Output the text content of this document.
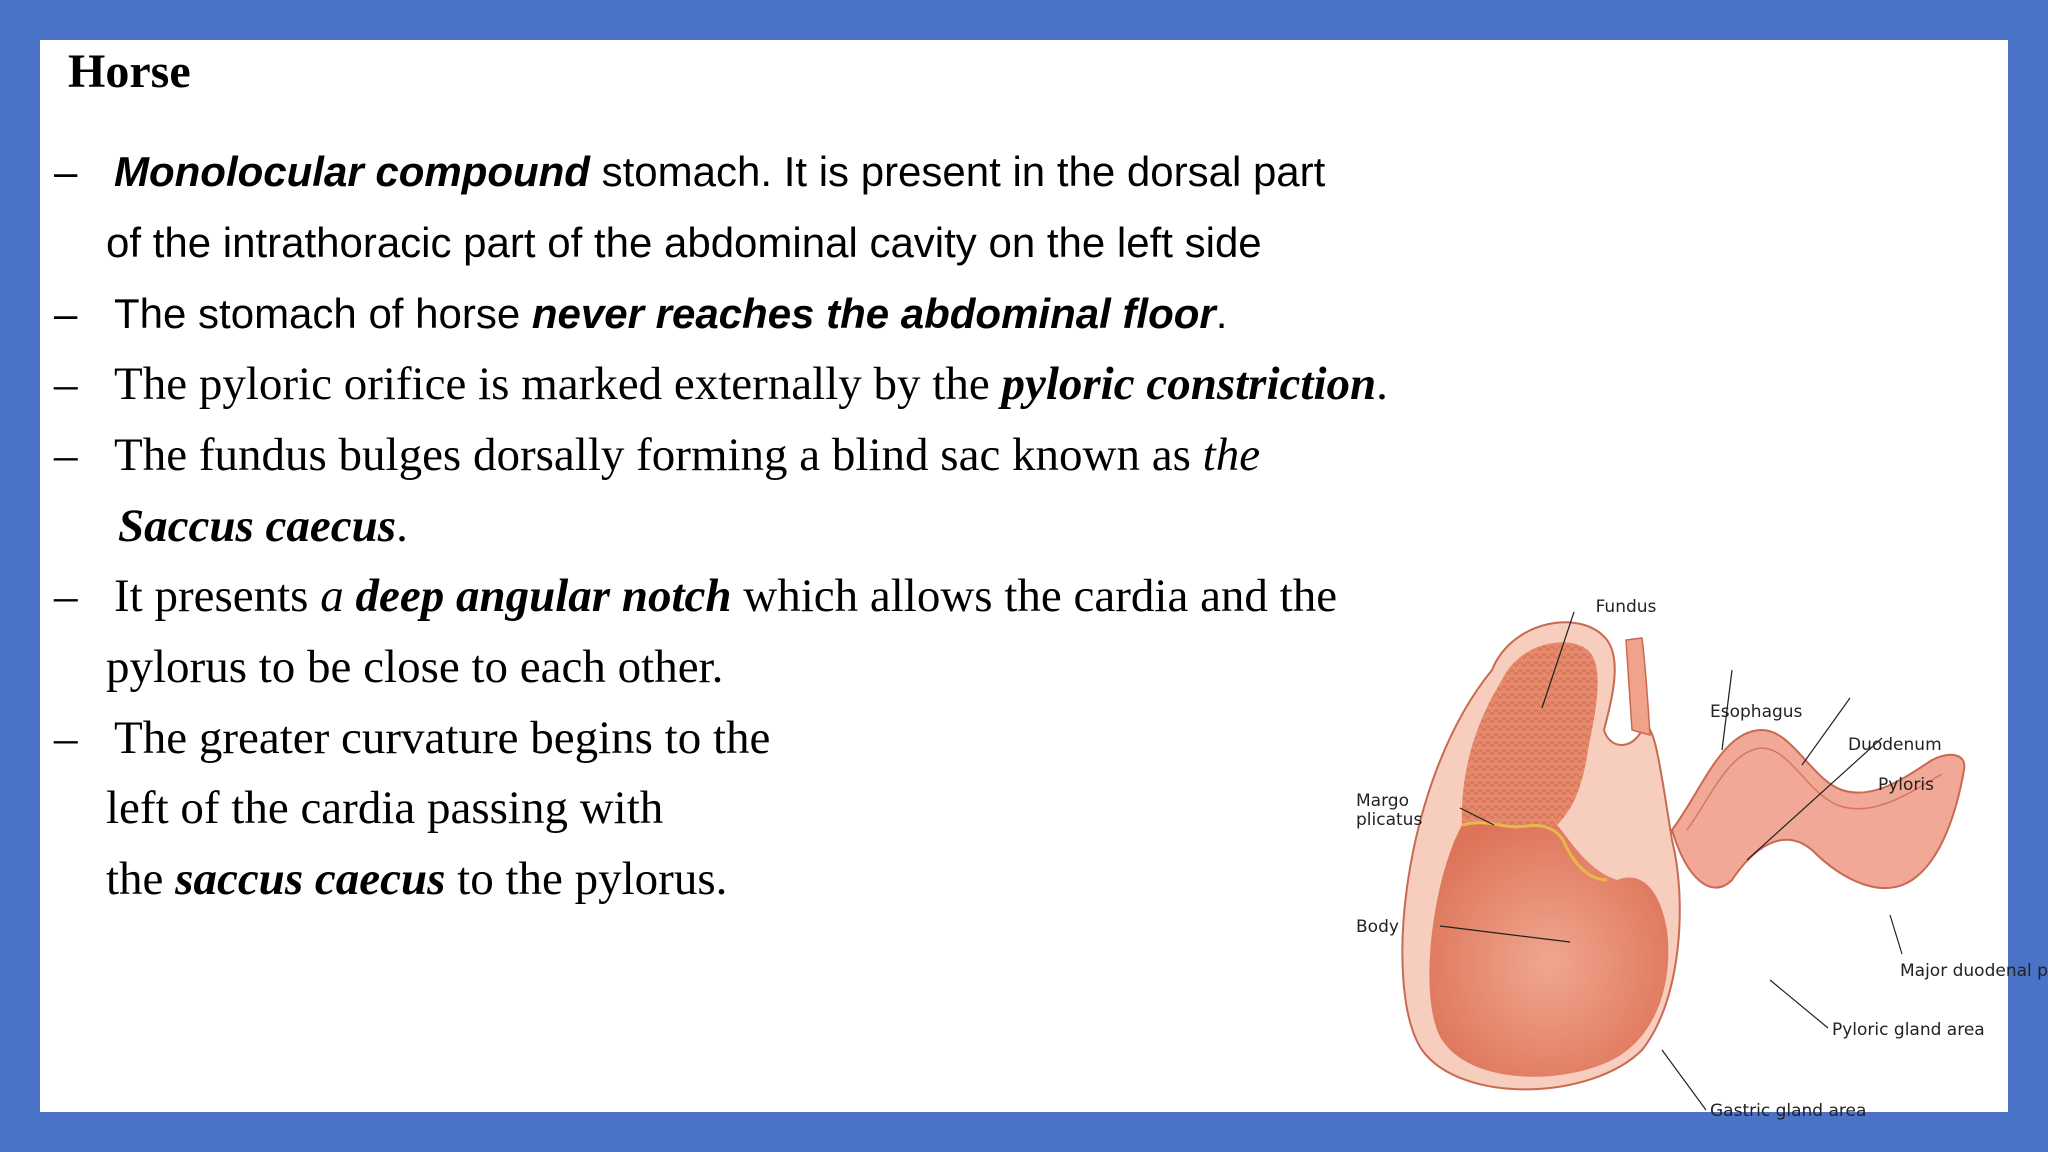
Horse

– Monolocular compound stomach. It is present in the dorsal part

of the intrathoracic part of the abdominal cavity on the left side

– The stomach of horse never reaches the abdominal floor.

– The pyloric orifice is marked externally by the pyloric constriction.

– The fundus bulges dorsally forming a blind sac known as the

Saccus caecus.

– It presents a deep angular notch which allows the cardia and the

pylorus to be close to each other.

– The greater curvature begins to the

left of the cardia passing with

the saccus caecus to the pylorus.

Fundus
Esophagus
Duodenum
Pyloris
Margo
plicatus
Body
Major duodenal p
Pyloric gland area
Gastric gland area
